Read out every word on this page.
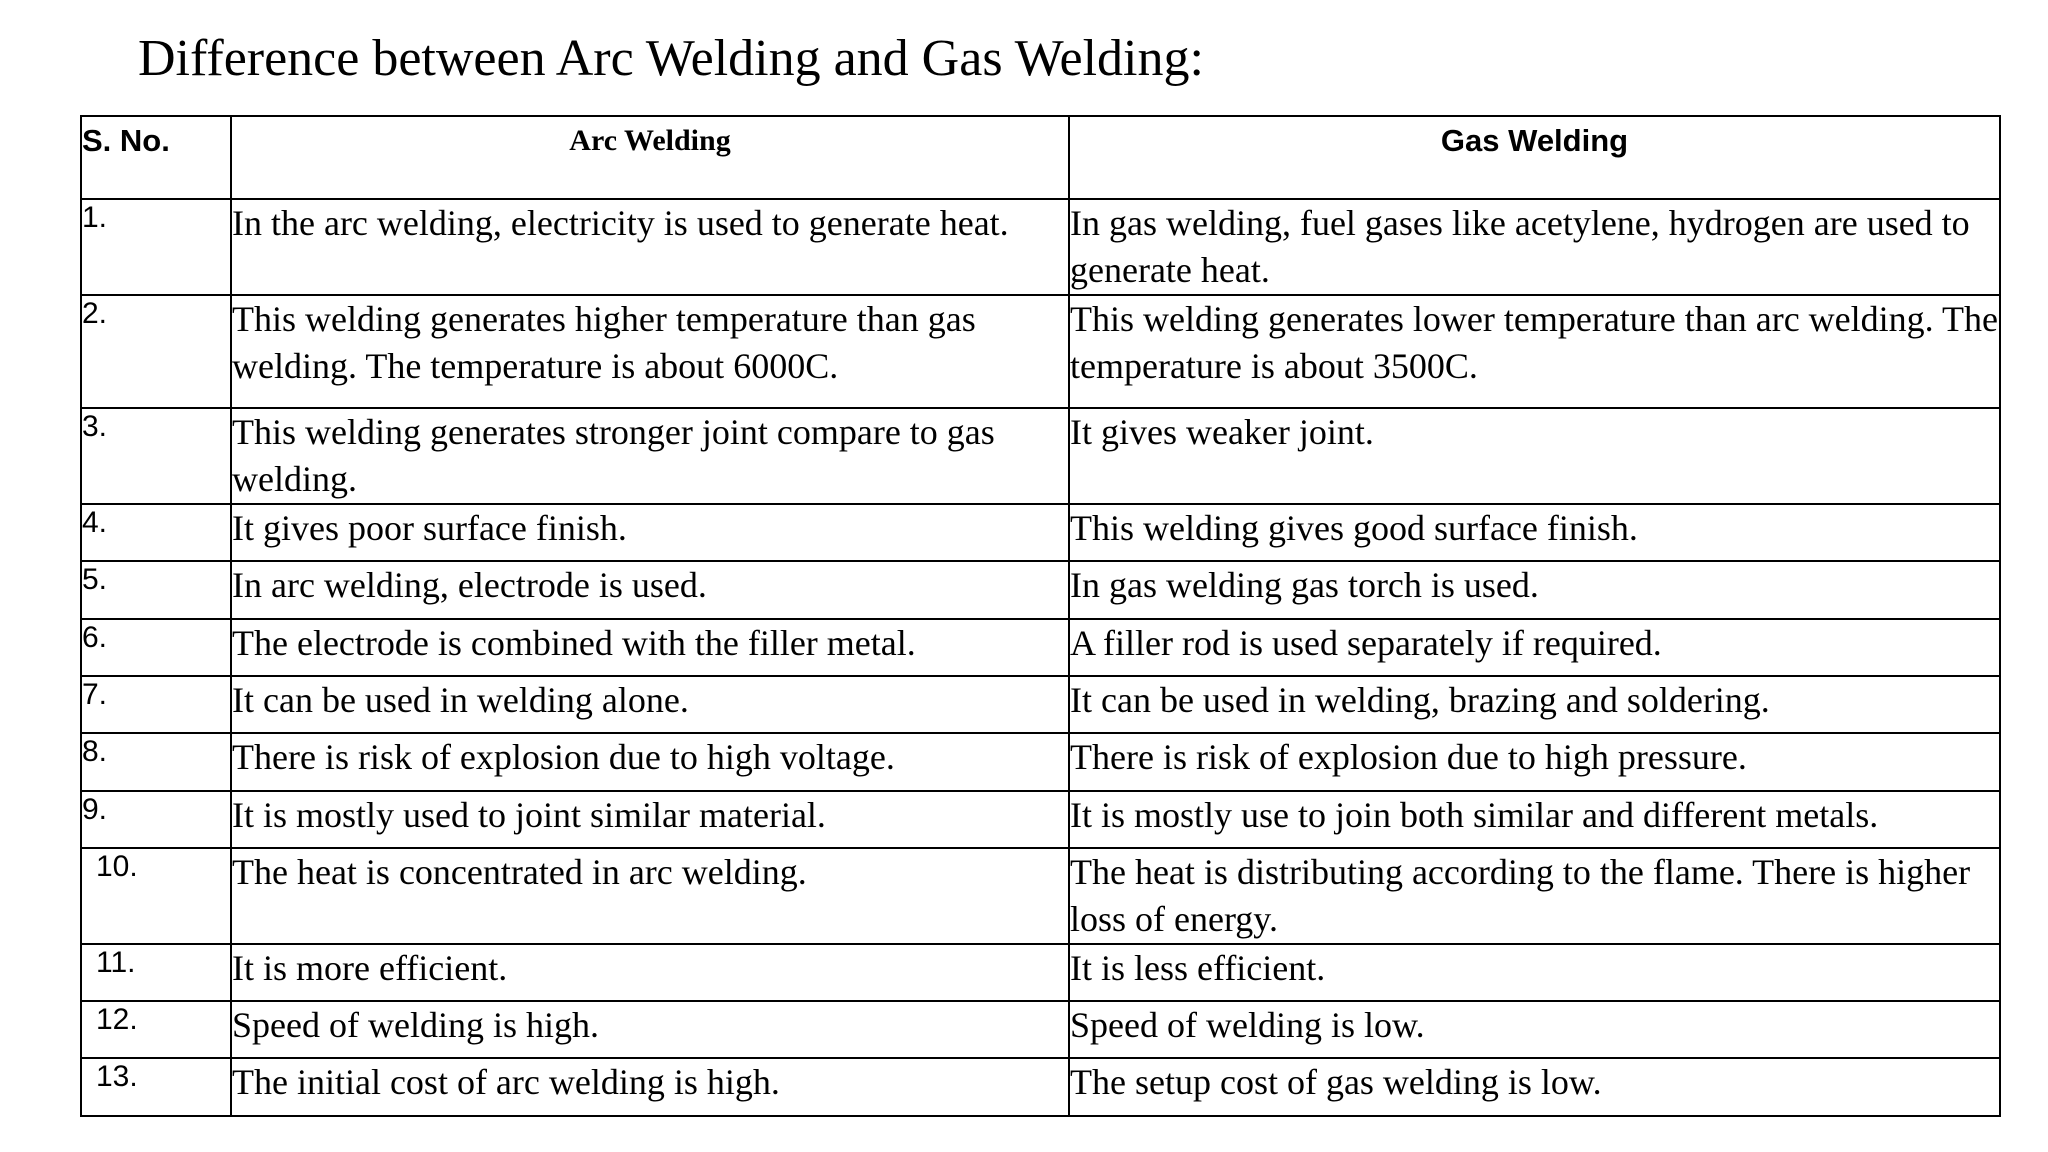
Difference between Arc Welding and Gas Welding:
S. No.	Arc Welding	Gas Welding
1.	In the arc welding, electricity is used to generate heat.	In gas welding, fuel gases like acetylene, hydrogen are used to generate heat.
2.	This welding generates higher temperature than gas welding. The temperature is about 6000C.	This welding generates lower temperature than arc welding. The temperature is about 3500C.
3.	This welding generates stronger joint compare to gas welding.	It gives weaker joint.
4.	It gives poor surface finish.	This welding gives good surface finish.
5.	In arc welding, electrode is used.	In gas welding gas torch is used.
6.	The electrode is combined with the filler metal.	A filler rod is used separately if required.
7.	It can be used in welding alone.	It can be used in welding, brazing and soldering.
8.	There is risk of explosion due to high voltage.	There is risk of explosion due to high pressure.
9.	It is mostly used to joint similar material.	It is mostly use to join both similar and different metals.
10.	The heat is concentrated in arc welding.	The heat is distributing according to the flame. There is higher loss of energy.
11.	It is more efficient.	It is less efficient.
12.	Speed of welding is high.	Speed of welding is low.
13.	The initial cost of arc welding is high.	The setup cost of gas welding is low.
